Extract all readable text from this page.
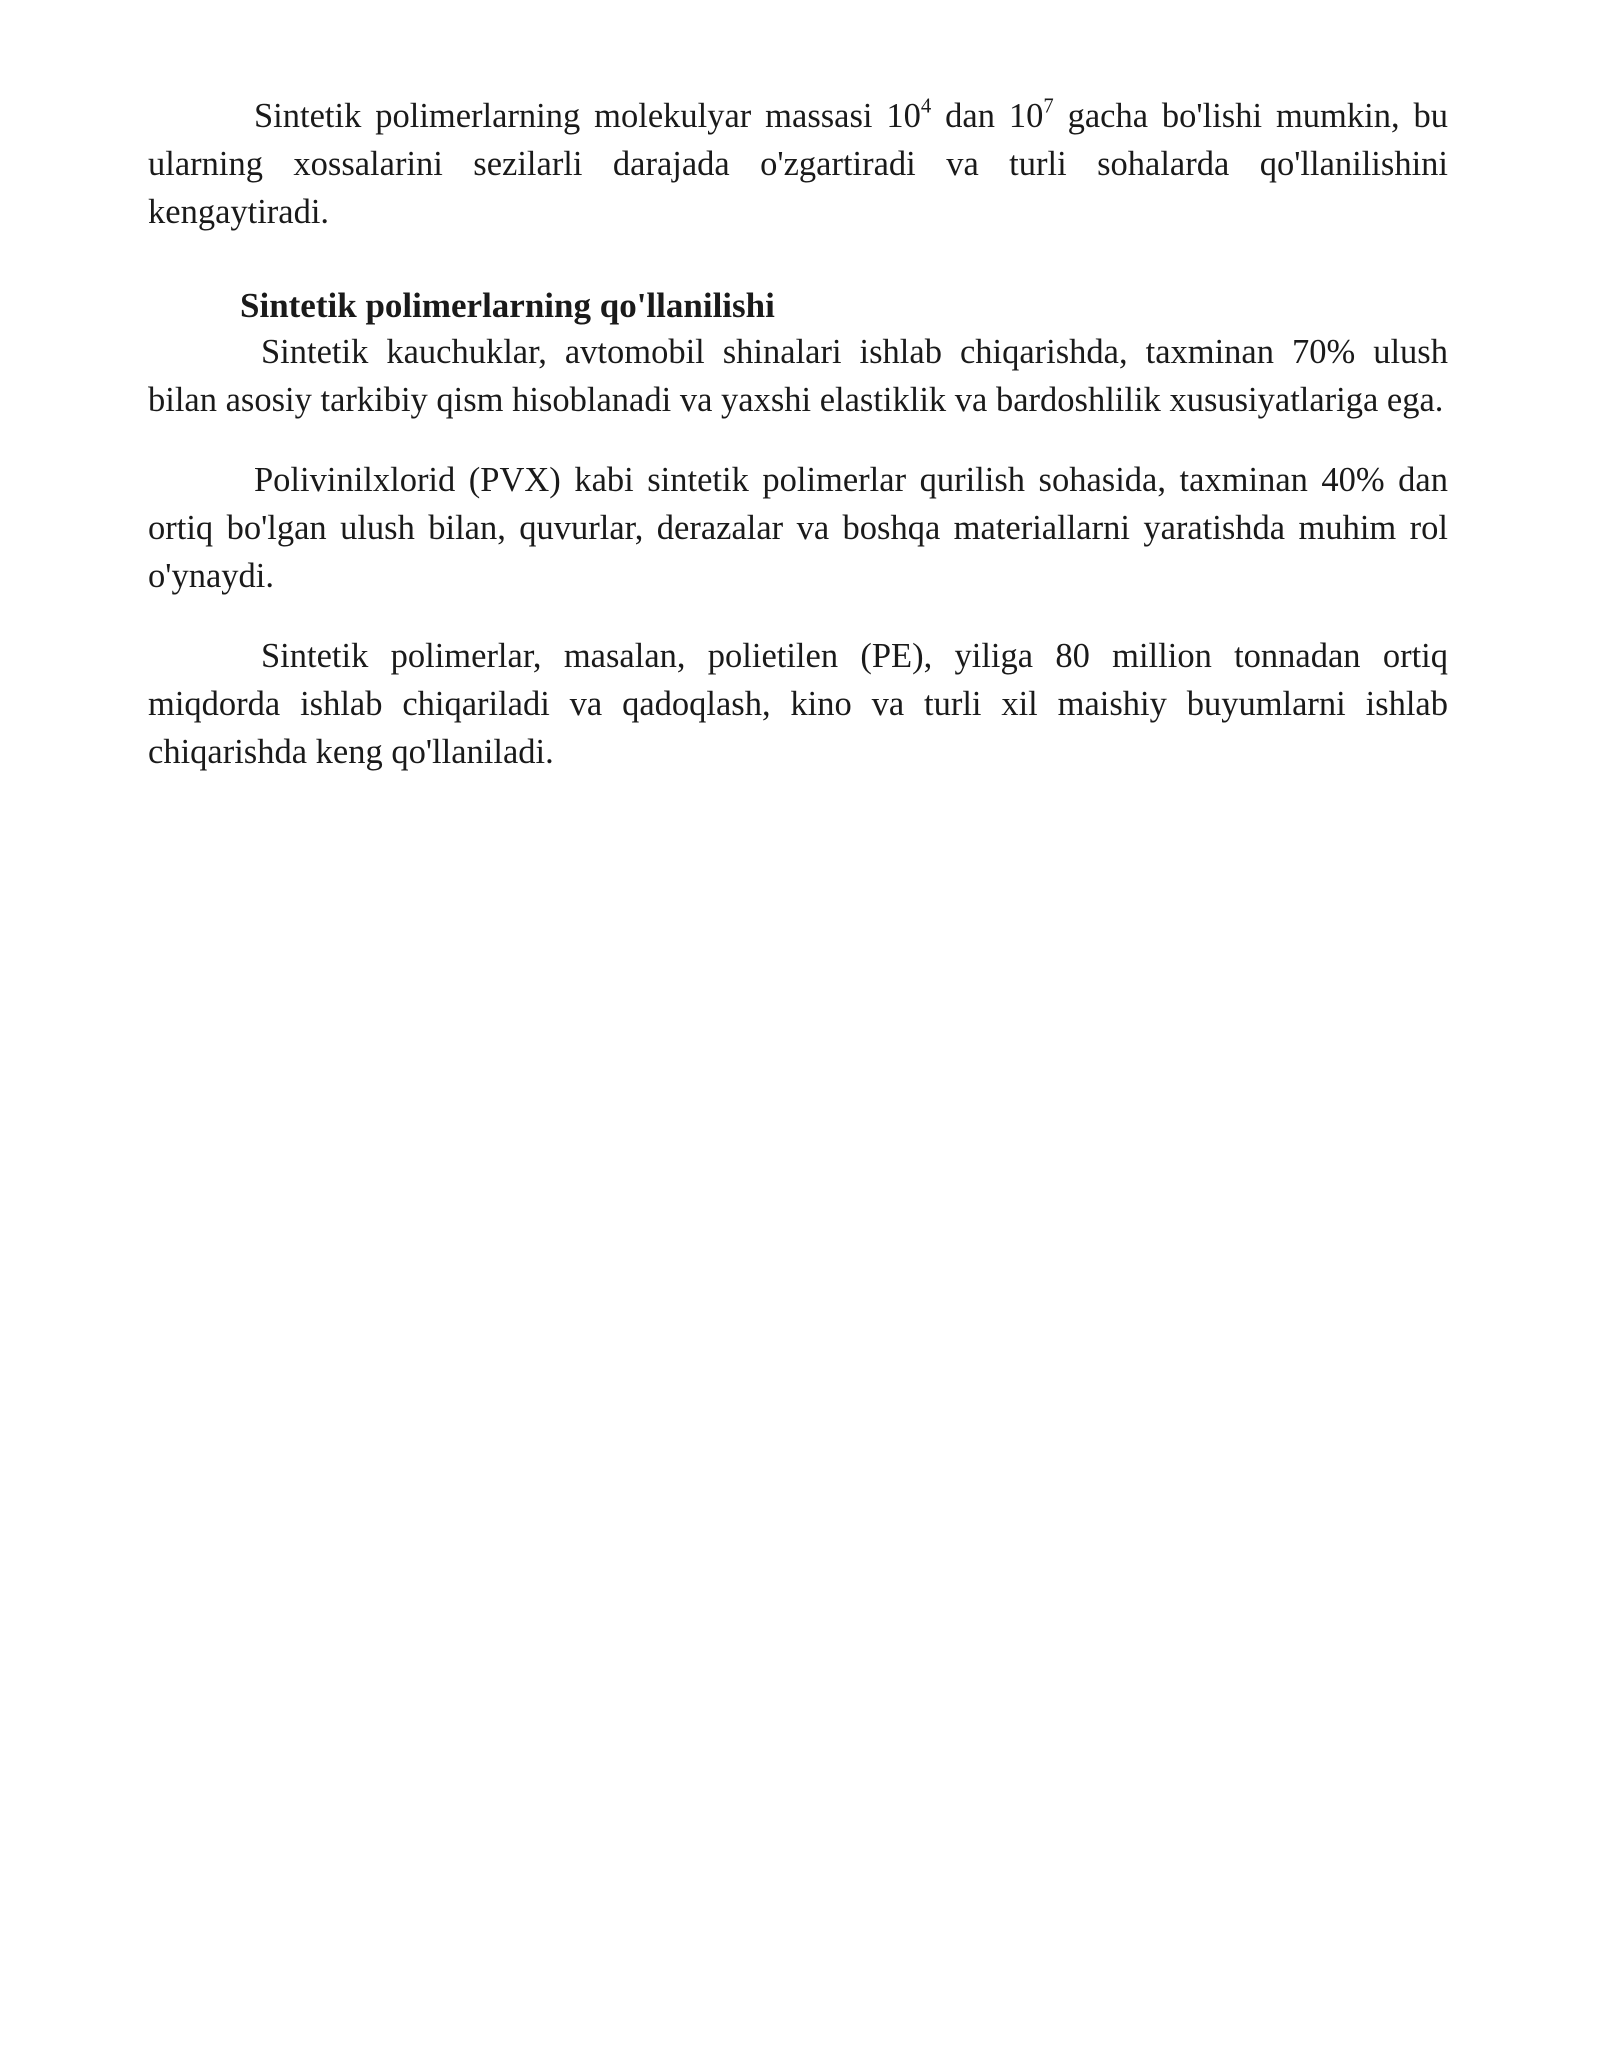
Sintetik polimerlarning molekulyar massasi $10^4$ dan $10^7$ gacha bo'lishi mumkin, bu ularning xossalarini sezilarli darajada o'zgartiradi va turli sohalarda qo'llanilishini kengaytiradi.

Sintetik polimerlarning qo'llanilishi

Sintetik kauchuklar, avtomobil shinalari ishlab chiqarishda, taxminan 70% ulush bilan asosiy tarkibiy qism hisoblanadi va yaxshi elastiklik va bardoshlilik xususiyatlariga ega.

Polivinilxlorid (PVX) kabi sintetik polimerlar qurilish sohasida, taxminan 40% dan ortiq bo'lgan ulush bilan, quvurlar, derazalar va boshqa materiallarni yaratishda muhim rol o'ynaydi.

Sintetik polimerlar, masalan, polietilen (PE), yiliga 80 million tonnadan ortiq miqdorda ishlab chiqariladi va qadoqlash, kino va turli xil maishiy buyumlarni ishlab chiqarishda keng qo'llaniladi.
